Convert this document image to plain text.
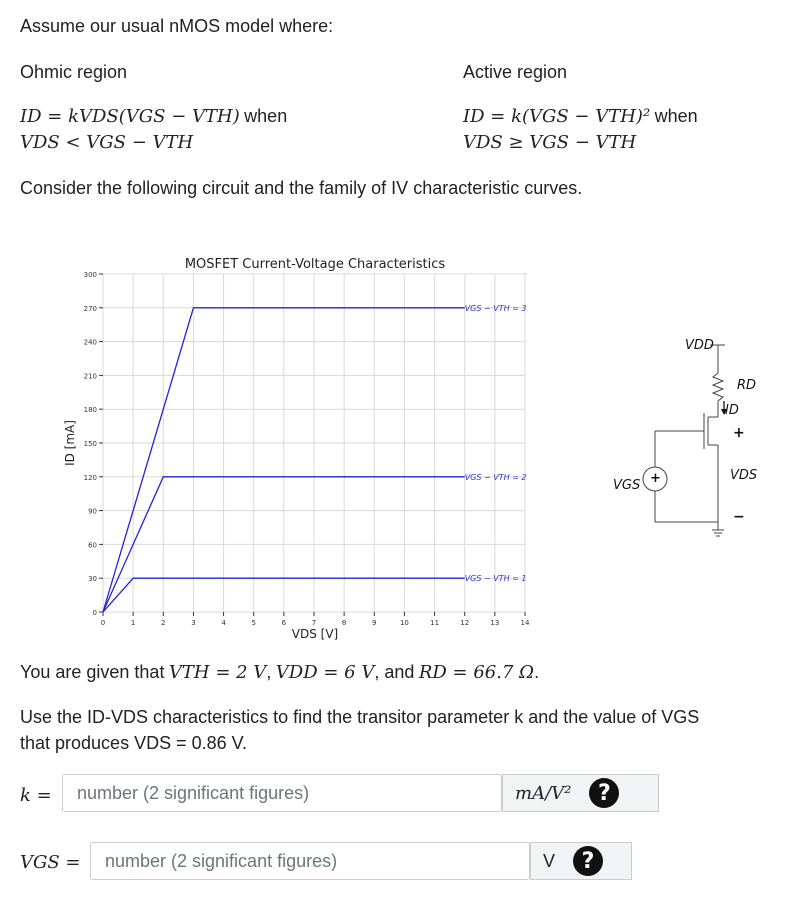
Assume our usual nMOS model where:
Ohmic region	Active region
ID = kVDS(VGS − VTH) when
VDS < VGS − VTH
ID = k(VGS − VTH)² when
VDS ≥ VGS − VTH
Consider the following circuit and the family of IV characteristic curves.
MOSFET Current-Voltage Characteristics
0	1	2	3	4	5	6	7	8	9	10	11	12	13	14
0
30
60
90
120
150
180
210
240
270
300
VGS − VTH = 1
VGS − VTH = 2
VGS − VTH = 3
VDS [V]
ID [mA]
VDD
RD
ID
VGS
VDS
+
−
+
You are given that VTH = 2 V, VDD = 6 V, and RD = 66.7 Ω.
Use the ID-VDS characteristics to find the transitor parameter k and the value of VGS
that produces VDS = 0.86 V.
k =	number (2 significant figures)	mA/V²	?
VGS =	number (2 significant figures)	V	?
